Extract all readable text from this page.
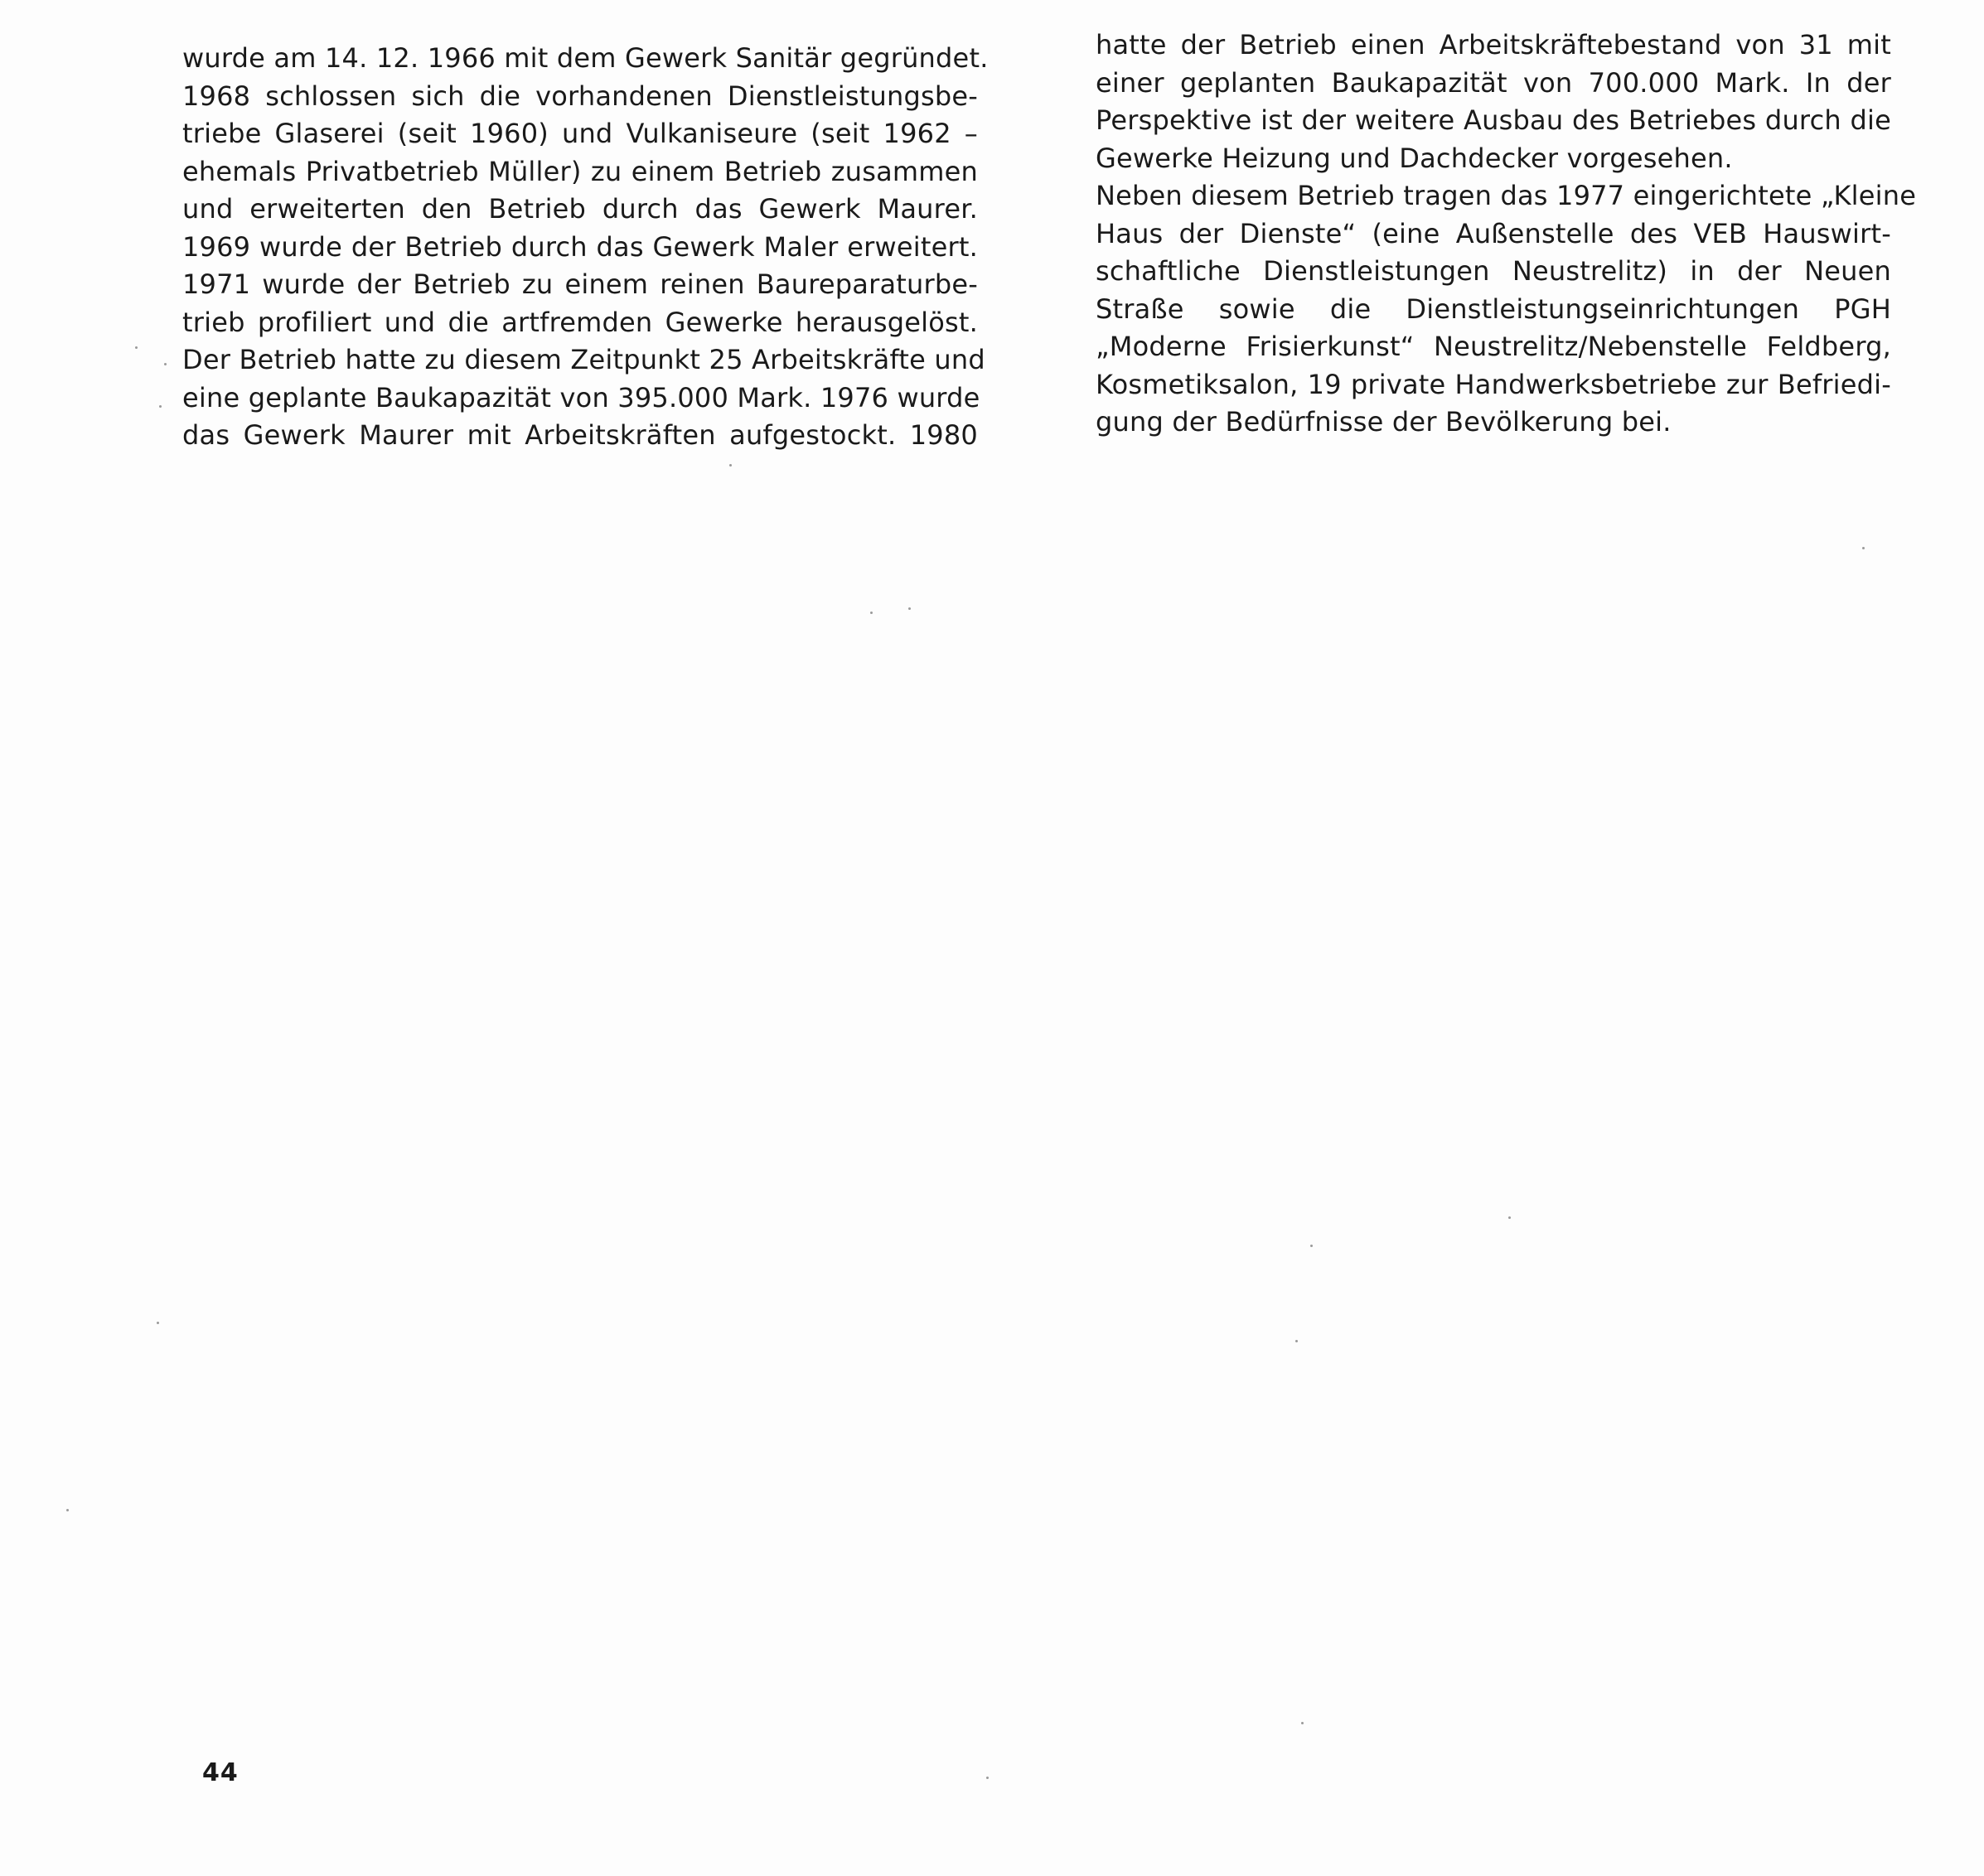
wurde am 14. 12. 1966 mit dem Gewerk Sanitär gegründet.
1968 schlossen sich die vorhandenen Dienstleistungsbe-
triebe Glaserei (seit 1960) und Vulkaniseure (seit 1962 –
ehemals Privatbetrieb Müller) zu einem Betrieb zusammen
und erweiterten den Betrieb durch das Gewerk Maurer.
1969 wurde der Betrieb durch das Gewerk Maler erweitert.
1971 wurde der Betrieb zu einem reinen Baureparaturbe-
trieb profiliert und die artfremden Gewerke herausgelöst.
Der Betrieb hatte zu diesem Zeitpunkt 25 Arbeitskräfte und
eine geplante Baukapazität von 395.000 Mark. 1976 wurde
das Gewerk Maurer mit Arbeitskräften aufgestockt. 1980
hatte der Betrieb einen Arbeitskräftebestand von 31 mit
einer geplanten Baukapazität von 700.000 Mark. In der
Perspektive ist der weitere Ausbau des Betriebes durch die
Gewerke Heizung und Dachdecker vorgesehen.
Neben diesem Betrieb tragen das 1977 eingerichtete „Kleine
Haus der Dienste“ (eine Außenstelle des VEB Hauswirt-
schaftliche Dienstleistungen Neustrelitz) in der Neuen
Straße sowie die Dienstleistungseinrichtungen PGH
„Moderne Frisierkunst“ Neustrelitz/Nebenstelle Feldberg,
Kosmetiksalon, 19 private Handwerksbetriebe zur Befriedi-
gung der Bedürfnisse der Bevölkerung bei.
44
